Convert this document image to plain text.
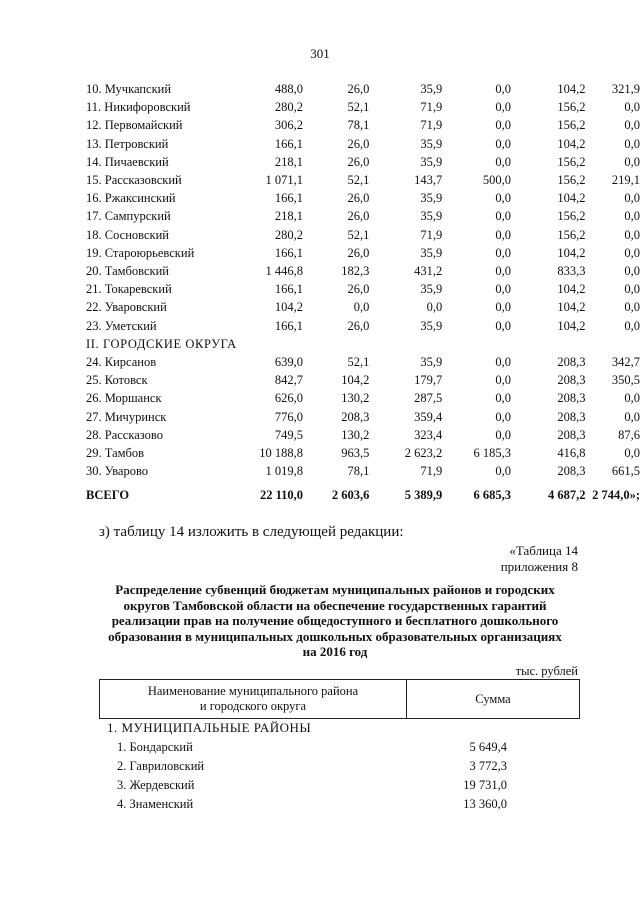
301
10. Мучкапский	488,0	26,0	35,9	0,0	104,2	321,9
11. Никифоровский	280,2	52,1	71,9	0,0	156,2	0,0
12. Первомайский	306,2	78,1	71,9	0,0	156,2	0,0
13. Петровский	166,1	26,0	35,9	0,0	104,2	0,0
14. Пичаевский	218,1	26,0	35,9	0,0	156,2	0,0
15. Рассказовский	1 071,1	52,1	143,7	500,0	156,2	219,1
16. Ржаксинский	166,1	26,0	35,9	0,0	104,2	0,0
17. Сампурский	218,1	26,0	35,9	0,0	156,2	0,0
18. Сосновский	280,2	52,1	71,9	0,0	156,2	0,0
19. Староюрьевский	166,1	26,0	35,9	0,0	104,2	0,0
20. Тамбовский	1 446,8	182,3	431,2	0,0	833,3	0,0
21. Токаревский	166,1	26,0	35,9	0,0	104,2	0,0
22. Уваровский	104,2	0,0	0,0	0,0	104,2	0,0
23. Уметский	166,1	26,0	35,9	0,0	104,2	0,0
II. ГОРОДСКИЕ ОКРУГА						
24. Кирсанов	639,0	52,1	35,9	0,0	208,3	342,7
25. Котовск	842,7	104,2	179,7	0,0	208,3	350,5
26. Моршанск	626,0	130,2	287,5	0,0	208,3	0,0
27. Мичуринск	776,0	208,3	359,4	0,0	208,3	0,0
28. Рассказово	749,5	130,2	323,4	0,0	208,3	87,6
29. Тамбов	10 188,8	963,5	2 623,2	6 185,3	416,8	0,0
30. Уварово	1 019,8	78,1	71,9	0,0	208,3	661,5
ВСЕГО	22 110,0	2 603,6	5 389,9	6 685,3	4 687,2	2 744,0»;
з) таблицу 14 изложить в следующей редакции:
«Таблица 14
приложения 8
Распределение субвенций бюджетам муниципальных районов и городских
округов Тамбовской области на обеспечение государственных гарантий
реализации прав на получение общедоступного и бесплатного дошкольного
образования в муниципальных дошкольных образовательных организациях
на 2016 год
тыс. рублей
Наименование муниципального района
и городского округа
	Сумма
1. МУНИЦИПАЛЬНЫЕ РАЙОНЫ	
1. Бондарский	5 649,4
2. Гавриловский	3 772,3
3. Жердевский	19 731,0
4. Знаменский	13 360,0
